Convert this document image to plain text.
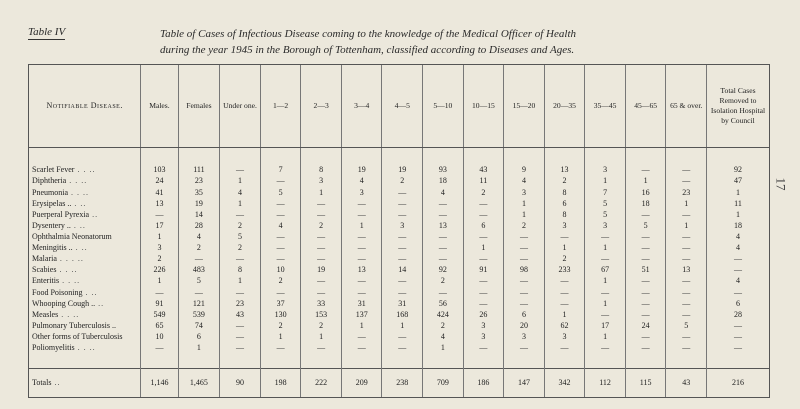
Table IV	Table of Cases of Infectious Disease coming to the knowledge of the Medical Officer of Health
during the year 1945 in the Borough of Tottenham, classified according to Diseases and Ages.
17
Notifiable Disease.	Males.	Females	Under one.	1—2	2—3	3—4	4—5	5—10	10—15	15—20	20—35	35—45	45—65	65 & over.	Total Cases Removed to Isolation Hospital by Council

Scarlet Fever . . ..	103	111	—	7	8	19	19	93	43	9	13	3	—	—	92
Diphtheria . . ..	24	23	1	—	3	4	2	18	11	4	2	1	1	—	47
Pneumonia . . ..	41	35	4	5	1	3	—	4	2	3	8	7	16	23	1
Erysipelas .. . ..	13	19	1	—	—	—	—	—	—	1	6	5	18	1	11
Puerperal Pyrexia ..	—	14	—	—	—	—	—	—	—	1	8	5	—	—	1
Dysentery .. . ..	17	28	2	4	2	1	3	13	6	2	3	3	5	1	18
Ophthalmia Neonatorum	1	4	5	—	—	—	—	—	—	—	—	—	—	—	4
Meningitis .. . ..	3	2	2	—	—	—	—	—	1	—	1	1	—	—	4
Malaria . . . ..	2	—	—	—	—	—	—	—	—	—	2	—	—	—	—
Scabies . . ..	226	483	8	10	19	13	14	92	91	98	233	67	51	13	—
Enteritis . . ..	1	5	1	2	—	—	—	2	—	—	—	1	—	—	4
Food Poisoning . ..	—	—	—	—	—	—	—	—	—	—	—	—	—	—	—
Whooping Cough .. ..	91	121	23	37	33	31	31	56	—	—	—	1	—	—	6
Measles . . ..	549	539	43	130	153	137	168	424	26	6	1	—	—	—	28
Pulmonary Tuberculosis ..	65	74	—	2	2	1	1	2	3	20	62	17	24	5	—
Other forms of Tuberculosis	10	6	—	1	1	—	—	4	3	3	3	1	—	—	—
Poliomyelitis . . ..	—	1	—	—	—	—	—	1	—	—	—	—	—	—	—

Totals ..	1,146	1,465	90	198	222	209	238	709	186	147	342	112	115	43	216
